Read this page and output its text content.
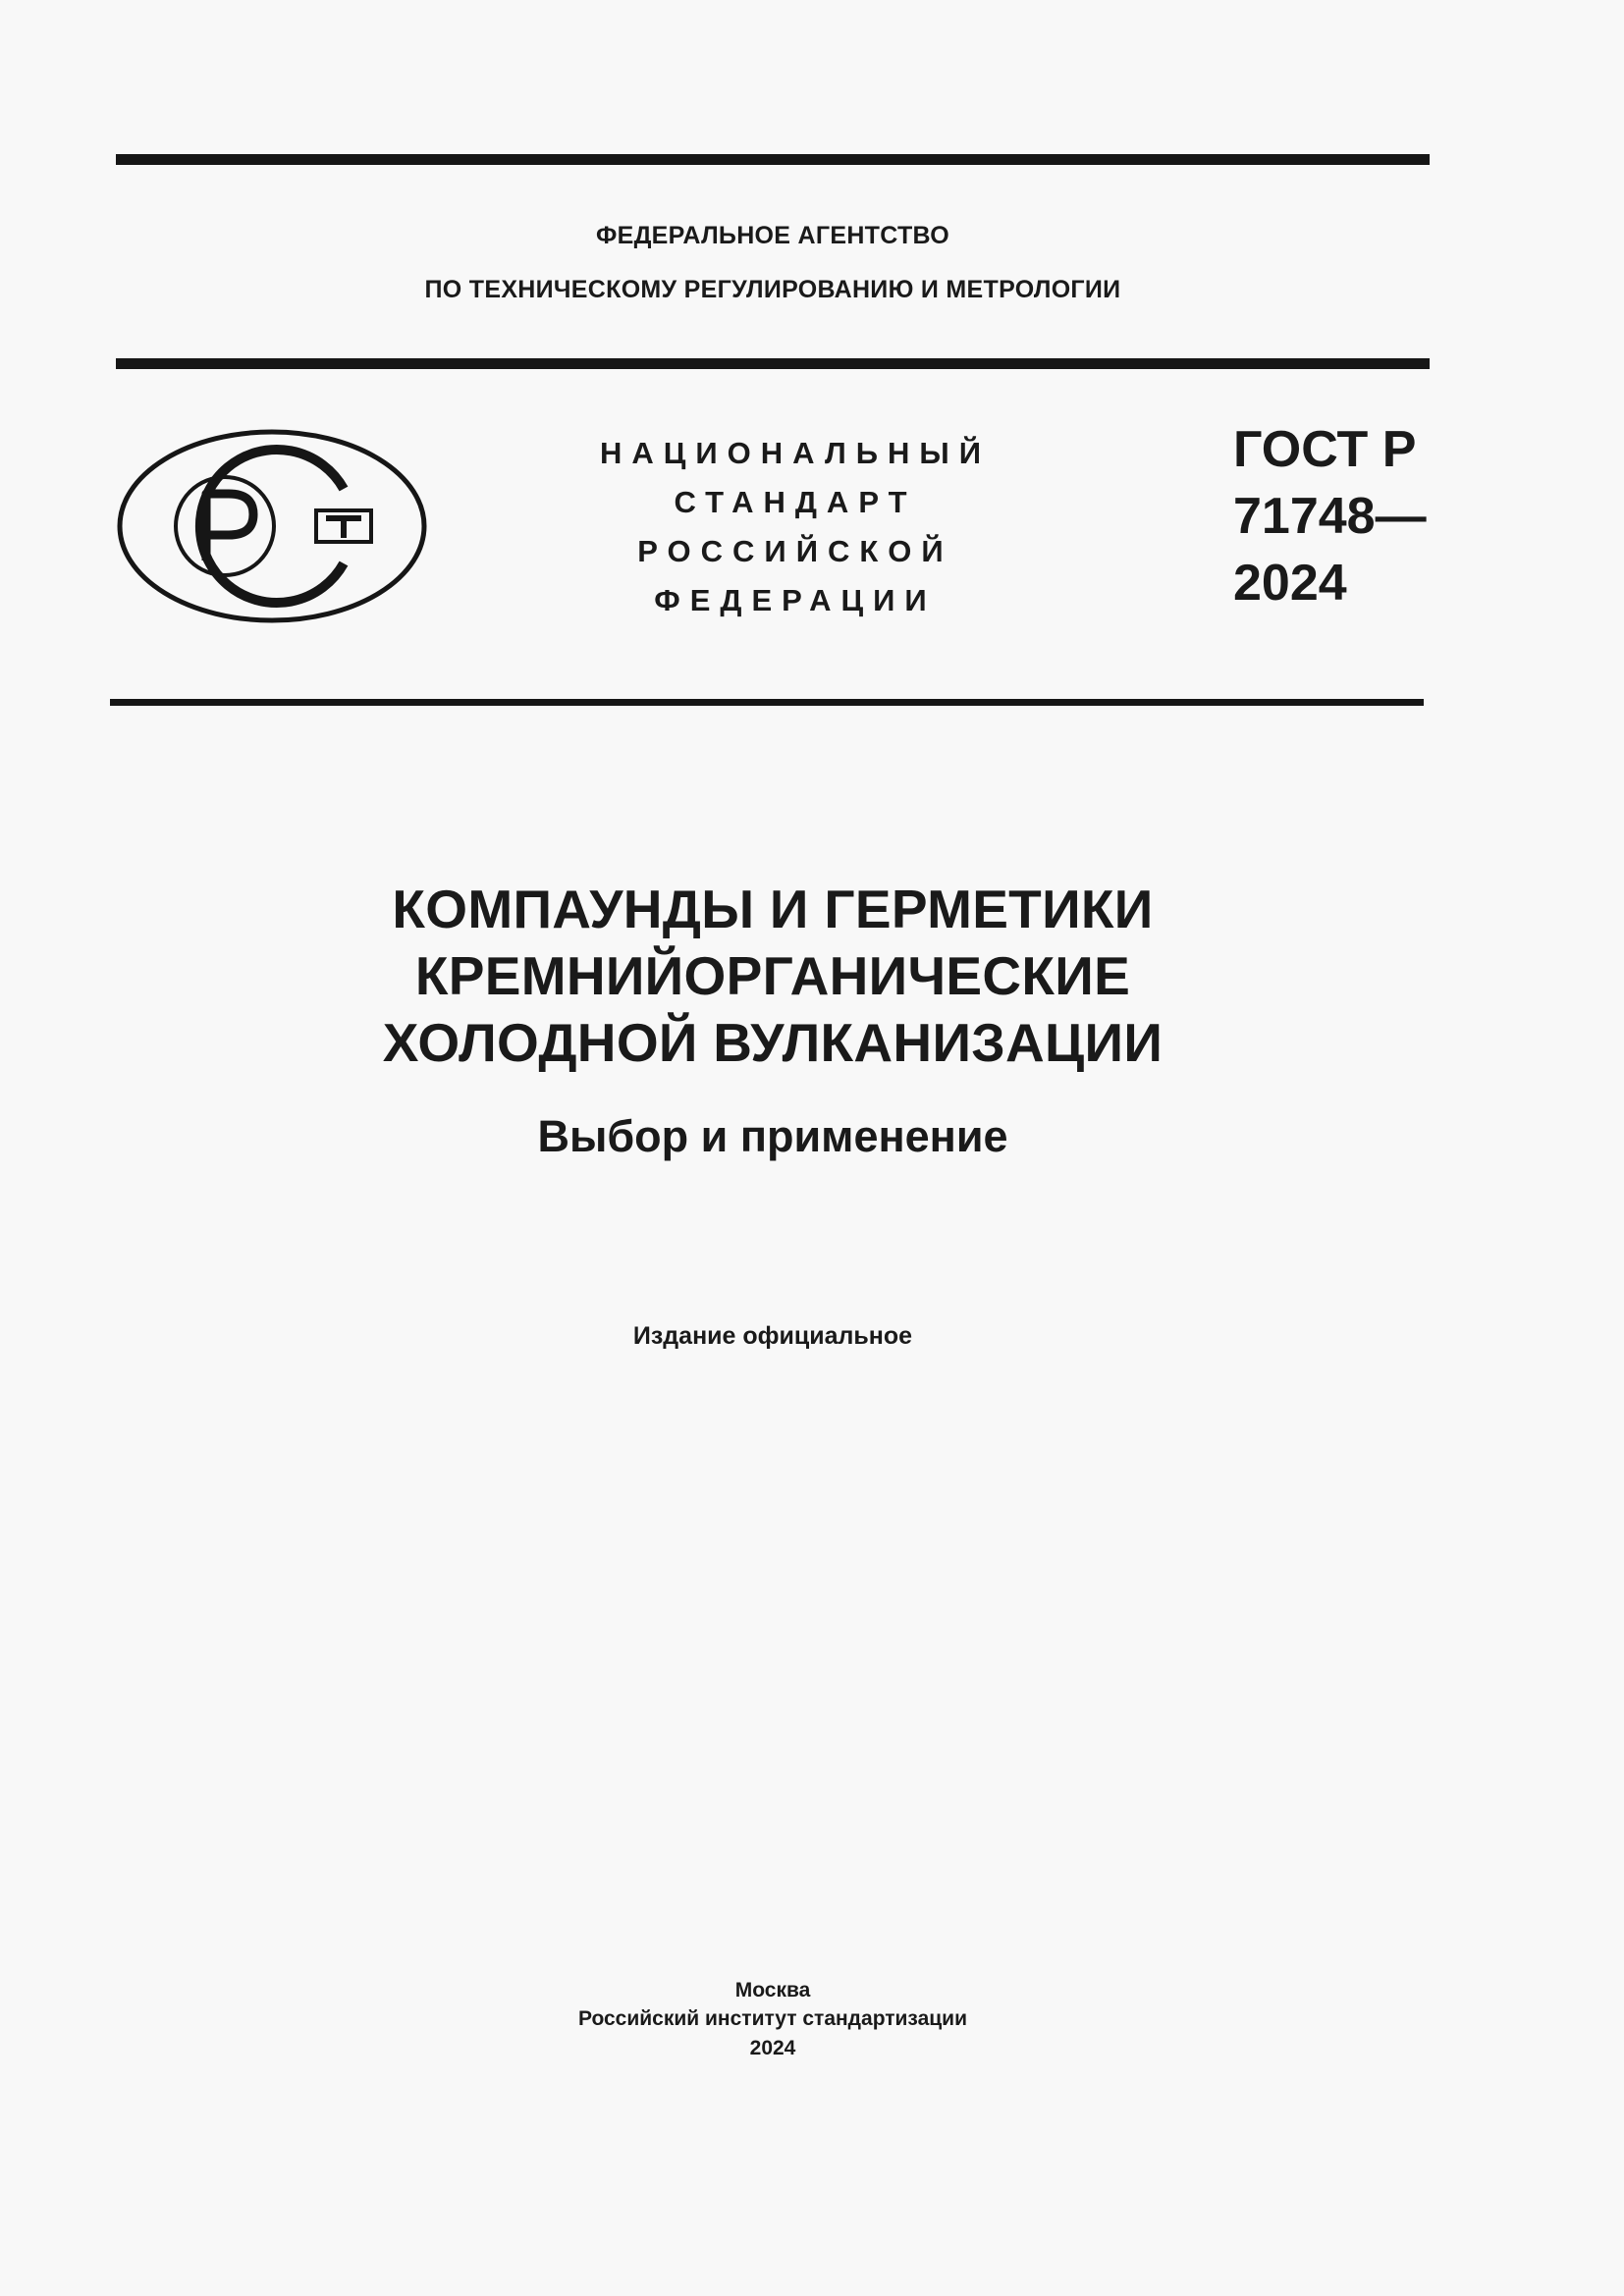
ФЕДЕРАЛЬНОЕ АГЕНТСТВО
ПО ТЕХНИЧЕСКОМУ РЕГУЛИРОВАНИЮ И МЕТРОЛОГИИ
НАЦИОНАЛЬНЫЙ
СТАНДАРТ
РОССИЙСКОЙ
ФЕДЕРАЦИИ
ГОСТ Р
71748—
2024
КОМПАУНДЫ И ГЕРМЕТИКИ
КРЕМНИЙОРГАНИЧЕСКИЕ
ХОЛОДНОЙ ВУЛКАНИЗАЦИИ
Выбор и применение
Издание официальное
Москва
Российский институт стандартизации
2024
